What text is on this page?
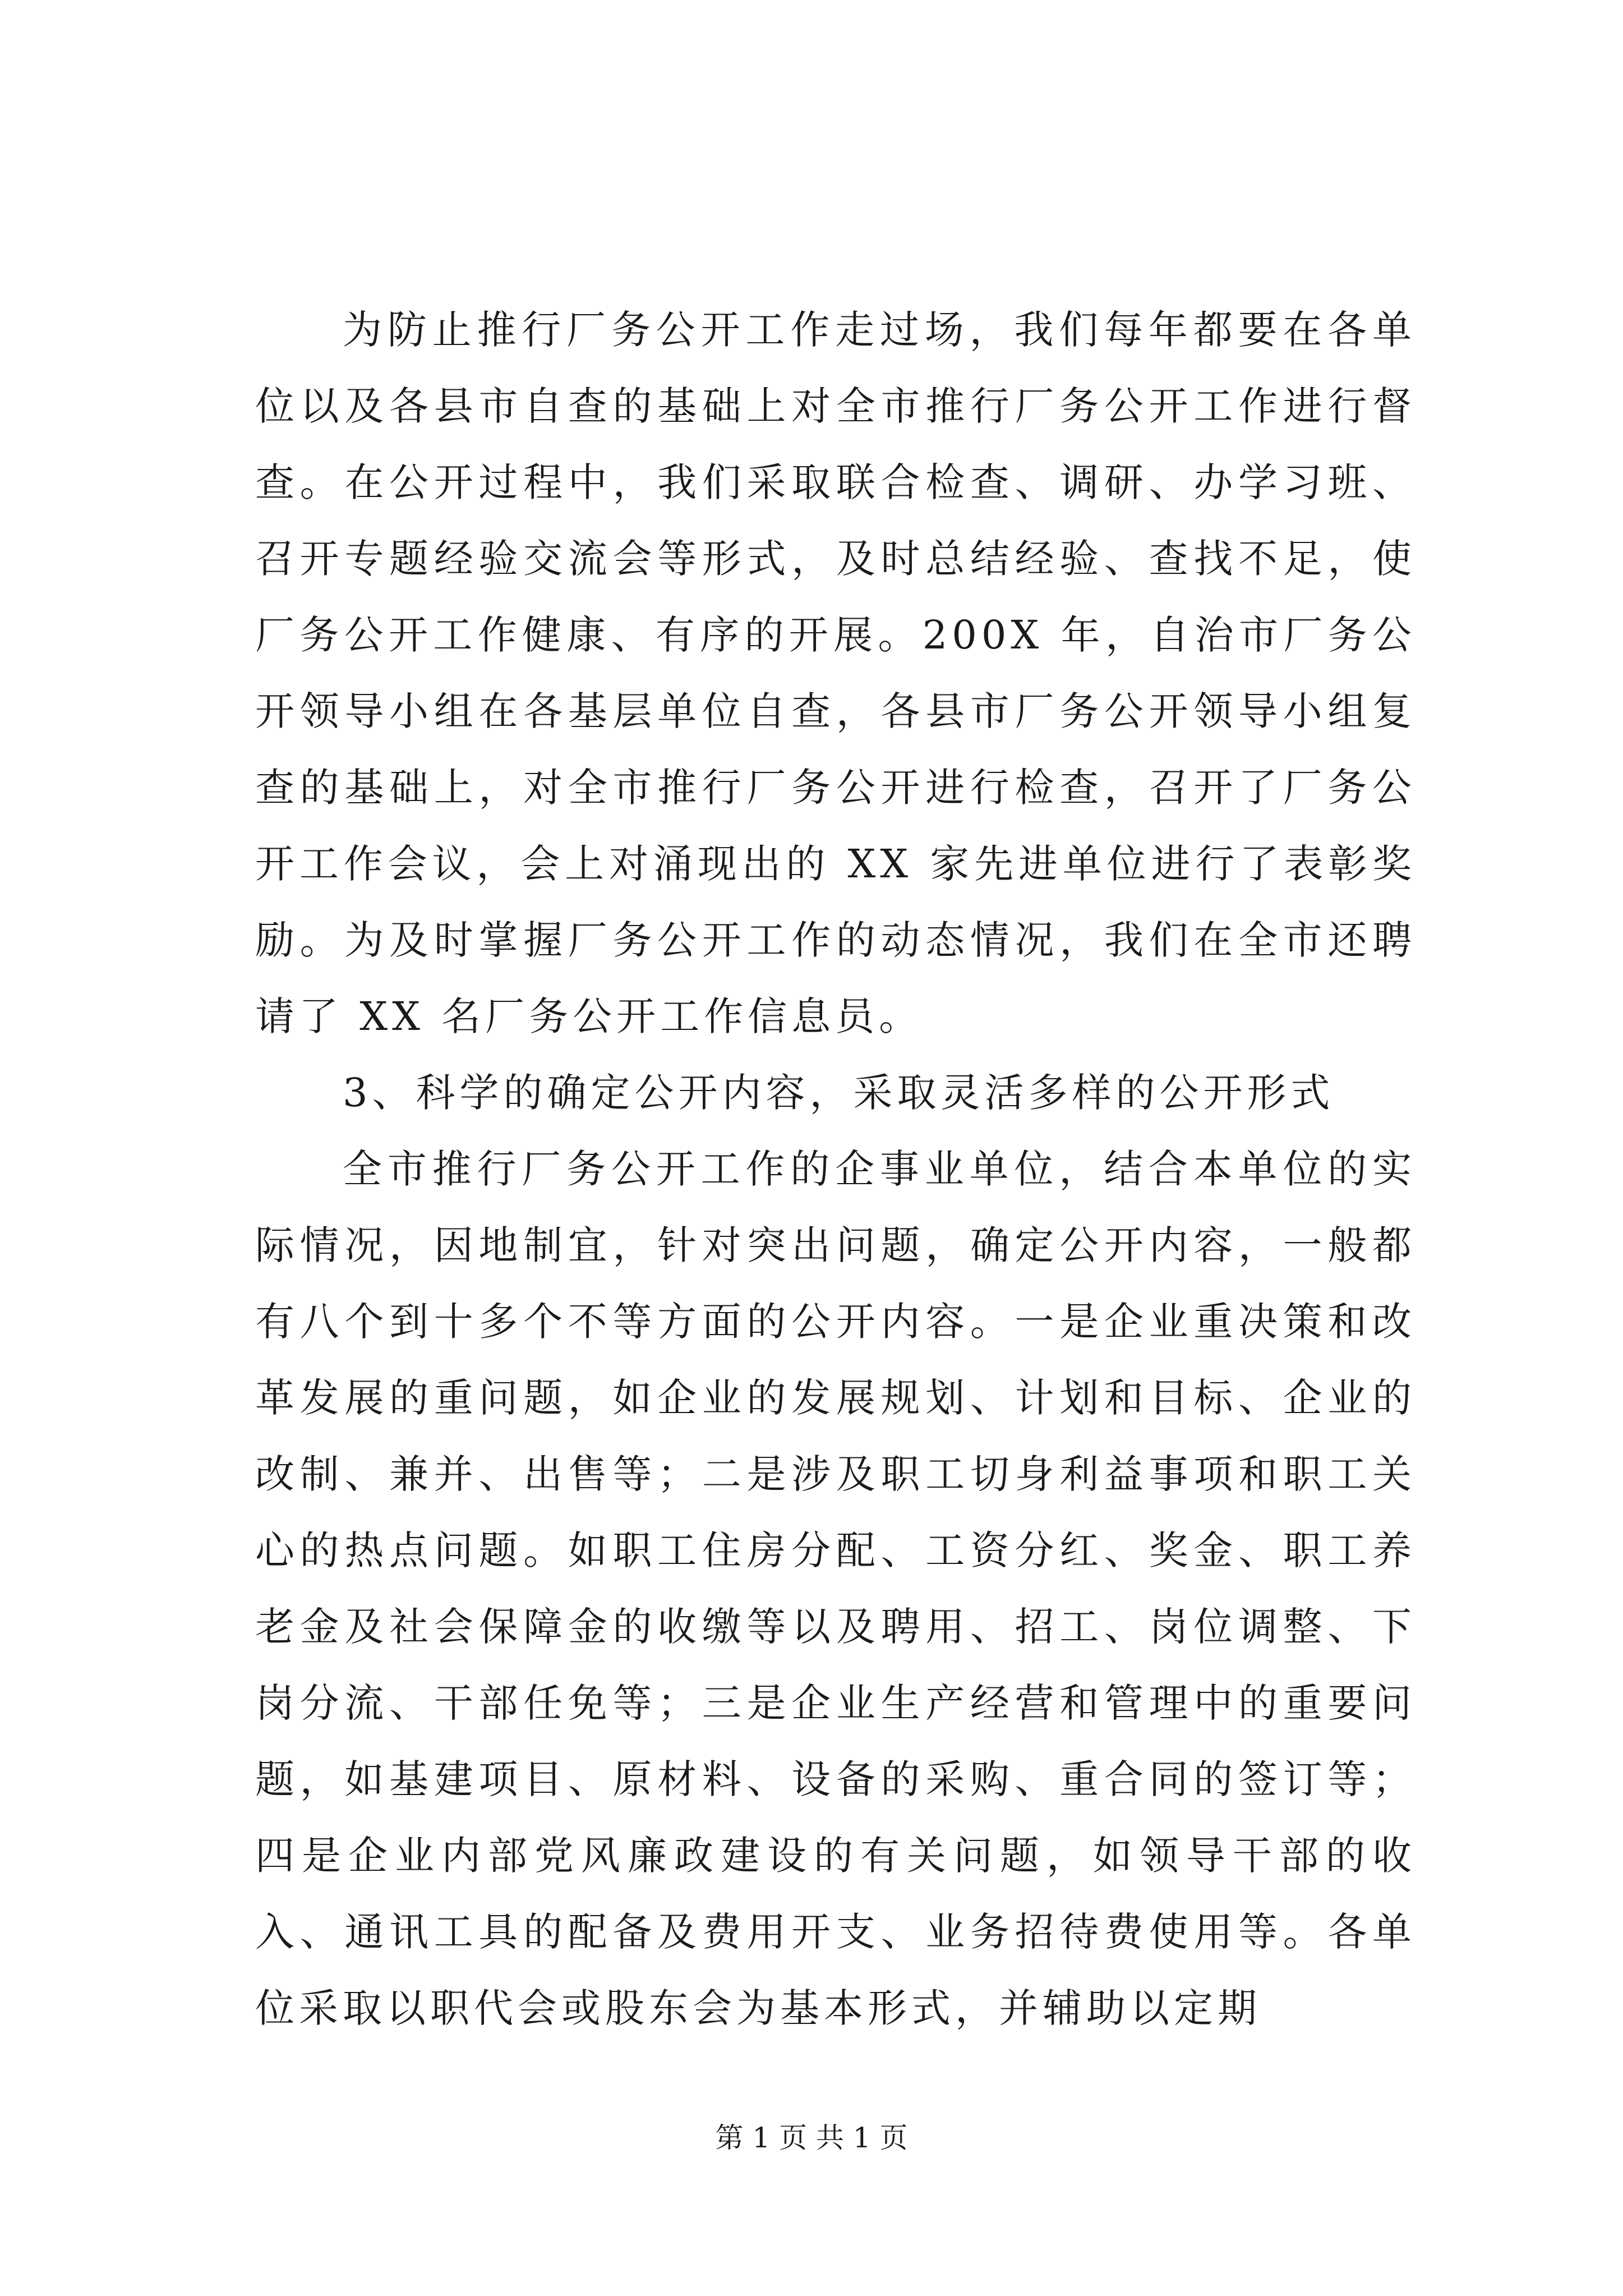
为防止推行厂务公开工作走过场，我们每年都要在各单位以及各县市自查的基础上对全市推行厂务公开工作进行督查。在公开过程中，我们采取联合检查、调研、办学习班、召开专题经验交流会等形式，及时总结经验、查找不足，使厂务公开工作健康、有序的开展。200X 年，自治市厂务公开领导小组在各基层单位自查，各县市厂务公开领导小组复查的基础上，对全市推行厂务公开进行检查，召开了厂务公开工作会议，会上对涌现出的 XX 家先进单位进行了表彰奖励。为及时掌握厂务公开工作的动态情况，我们在全市还聘请了 XX 名厂务公开工作信息员。

3、科学的确定公开内容，采取灵活多样的公开形式

全市推行厂务公开工作的企事业单位，结合本单位的实际情况，因地制宜，针对突出问题，确定公开内容，一般都有八个到十多个不等方面的公开内容。一是企业重决策和改革发展的重问题，如企业的发展规划、计划和目标、企业的改制、兼并、出售等；二是涉及职工切身利益事项和职工关心的热点问题。如职工住房分配、工资分红、奖金、职工养老金及社会保障金的收缴等以及聘用、招工、岗位调整、下岗分流、干部任免等；三是企业生产经营和管理中的重要问题，如基建项目、原材料、设备的采购、重合同的签订等；四是企业内部党风廉政建设的有关问题，如领导干部的收入、通讯工具的配备及费用开支、业务招待费使用等。各单位采取以职代会或股东会为基本形式，并辅助以定期

第 1 页 共 1 页
